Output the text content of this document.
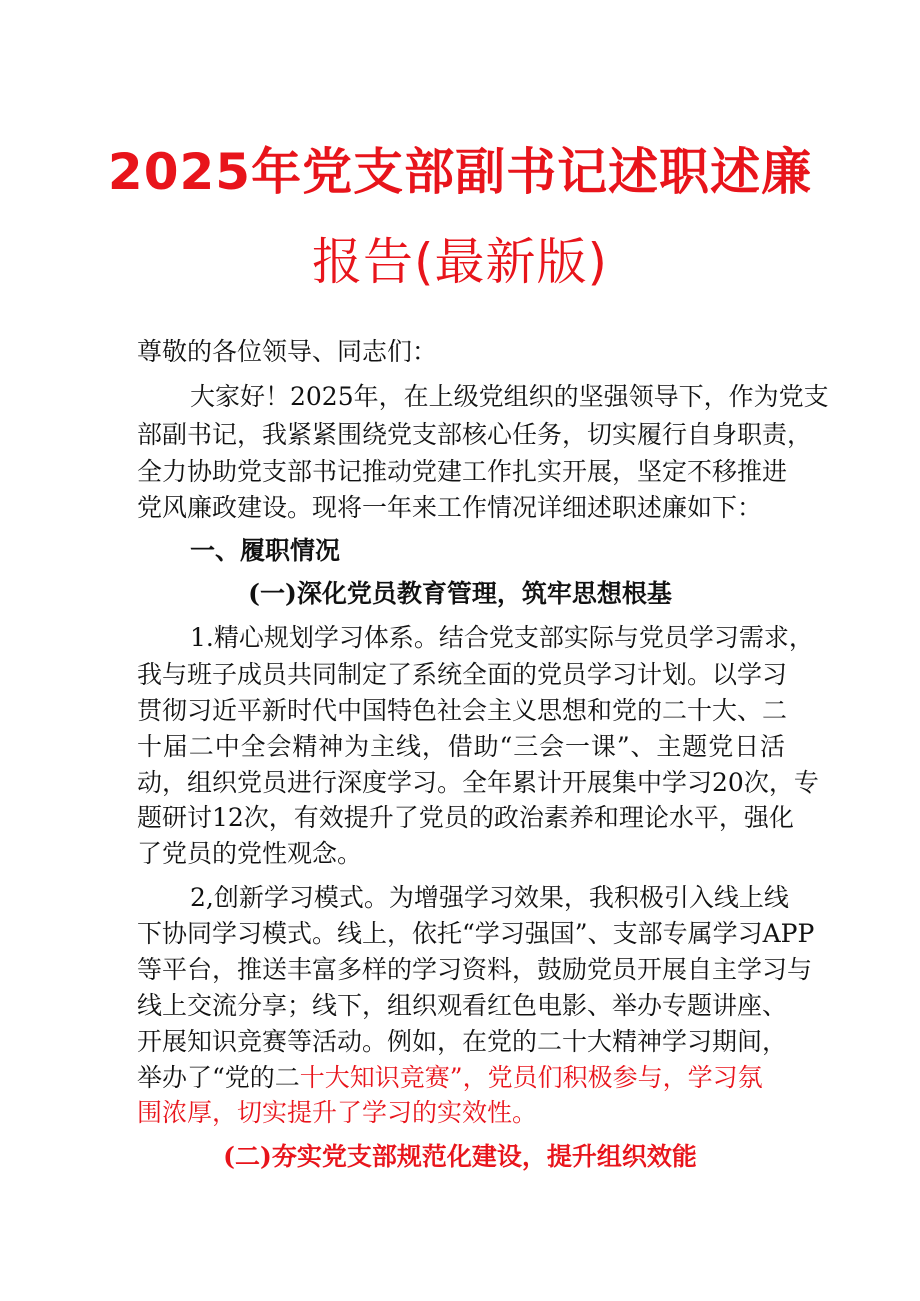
2025年党支部副书记述职述廉
报告(最新版)
尊敬的各位领导、同志们：
大家好！2025年，在上级党组织的坚强领导下，作为党支
部副书记，我紧紧围绕党支部核心任务，切实履行自身职责，
全力协助党支部书记推动党建工作扎实开展，坚定不移推进
党风廉政建设。现将一年来工作情况详细述职述廉如下：
一、履职情况
(一)深化党员教育管理，筑牢思想根基
1.精心规划学习体系。结合党支部实际与党员学习需求，
我与班子成员共同制定了系统全面的党员学习计划。以学习
贯彻习近平新时代中国特色社会主义思想和党的二十大、二
十届二中全会精神为主线，借助“三会一课”、主题党日活
动，组织党员进行深度学习。全年累计开展集中学习20次，专
题研讨12次，有效提升了党员的政治素养和理论水平，强化
了党员的党性观念。
2,创新学习模式。为增强学习效果，我积极引入线上线
下协同学习模式。线上，依托“学习强国”、支部专属学习APP
等平台，推送丰富多样的学习资料，鼓励党员开展自主学习与
线上交流分享；线下，组织观看红色电影、举办专题讲座、
开展知识竞赛等活动。例如，在党的二十大精神学习期间，
举办了“党的二十大知识竞赛”，党员们积极参与，学习氛
围浓厚，切实提升了学习的实效性。
(二)夯实党支部规范化建设，提升组织效能
